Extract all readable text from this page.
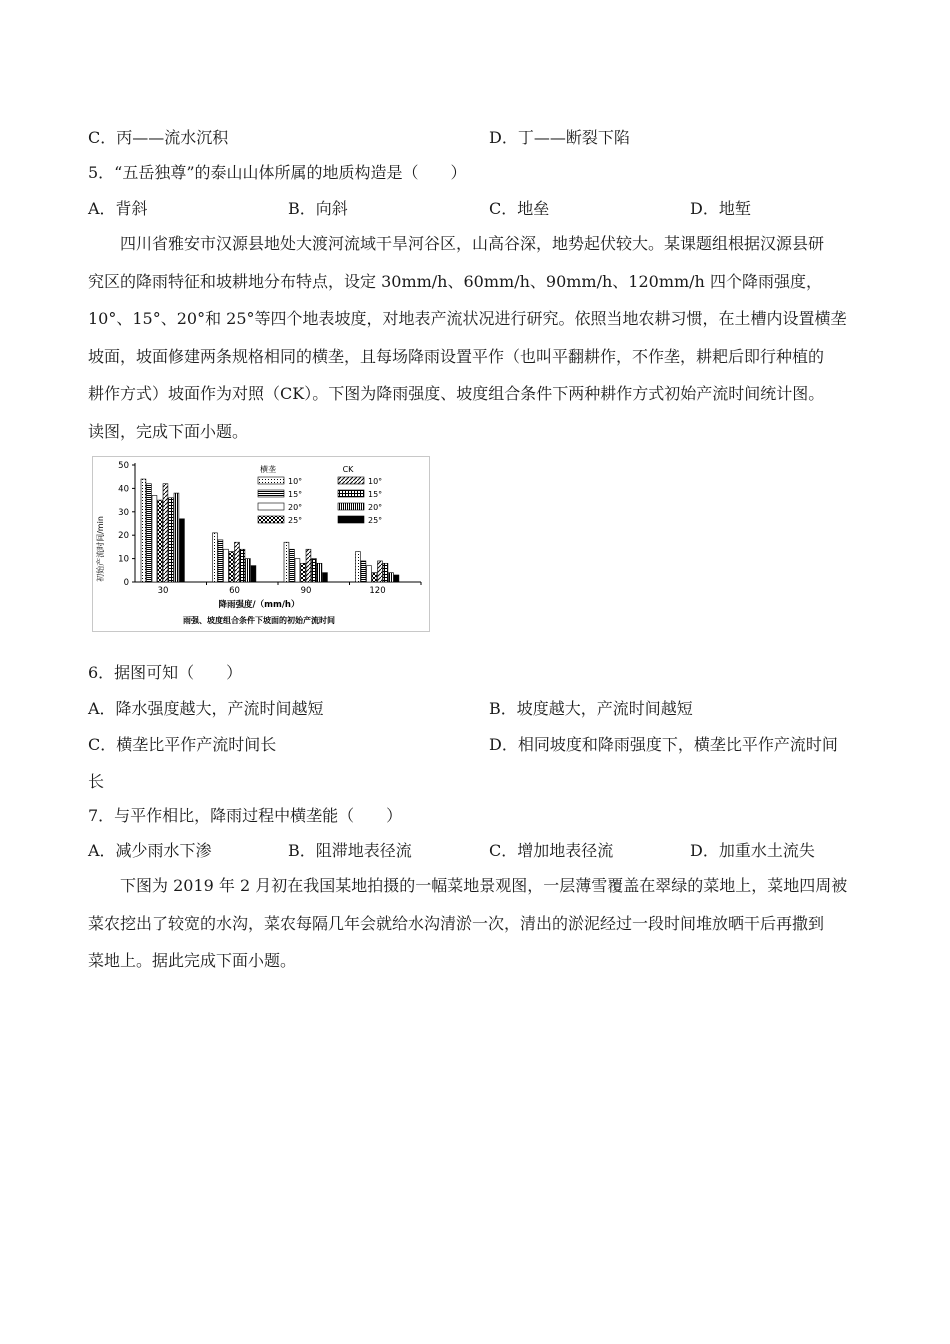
C．丙——流水沉积	D．丁——断裂下陷
5．“五岳独尊”的泰山山体所属的地质构造是（　　）
A．背斜	B．向斜	C．地垒	D．地堑
　　四川省雅安市汉源县地处大渡河流域干旱河谷区，山高谷深，地势起伏较大。某课题组根据汉源县研
究区的降雨特征和坡耕地分布特点，设定 30mm/h、60mm/h、90mm/h、120mm/h 四个降雨强度，
10°、15°、20°和 25°等四个地表坡度，对地表产流状况进行研究。依照当地农耕习惯，在土槽内设置横垄
坡面，坡面修建两条规格相同的横垄，且每场降雨设置平作（也叫平翻耕作，不作垄，耕耙后即行种植的
耕作方式）坡面作为对照（CK）。下图为降雨强度、坡度组合条件下两种耕作方式初始产流时间统计图。
读图，完成下面小题。
0
10
20
30
40
50
30	60	90	120
横垄	CK
10°
15°
20°
25°
10°
15°
20°
25°
初始产流时间/min
降雨强度/（mm/h）
雨强、坡度组合条件下坡面的初始产流时间
6．据图可知（　　）
A．降水强度越大，产流时间越短	B．坡度越大，产流时间越短
C．横垄比平作产流时间长	D．相同坡度和降雨强度下，横垄比平作产流时间
长
7．与平作相比，降雨过程中横垄能（　　）
A．减少雨水下渗	B．阻滞地表径流	C．增加地表径流	D．加重水土流失
　　下图为 2019 年 2 月初在我国某地拍摄的一幅菜地景观图，一层薄雪覆盖在翠绿的菜地上，菜地四周被
菜农挖出了较宽的水沟，菜农每隔几年会就给水沟清淤一次，清出的淤泥经过一段时间堆放晒干后再撒到
菜地上。据此完成下面小题。
